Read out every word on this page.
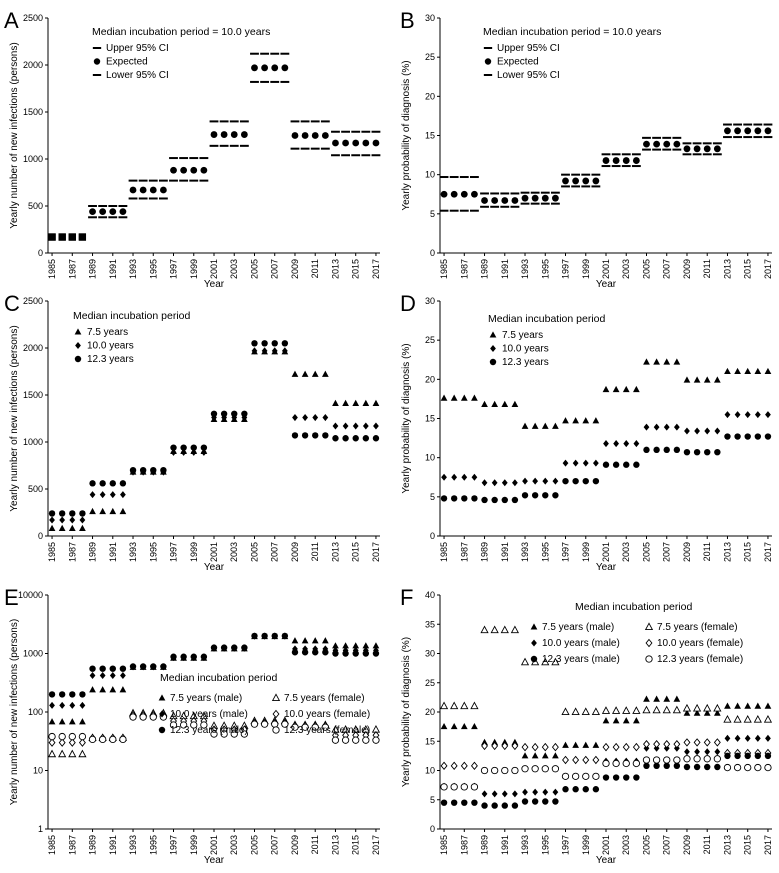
A
0
500
1000
1500
2000
2500
1985 1987 1989 1991 1993 1995 1997 1999 2001 2003 2005 2007 2009 2011 2013 2015 2017
Year
Yearly number of new infections (persons)
Median incubation period = 10.0 years
Upper 95% CI
Expected
Lower 95% CI
B
0
5
10
15
20
25
30
1985 1987 1989 1991 1993 1995 1997 1999 2001 2003 2005 2007 2009 2011 2013 2015 2017
Year
Yearly probability of diagnosis (%)
Median incubation period = 10.0 years
Upper 95% CI
Expected
Lower 95% CI
C
0
500
1000
1500
2000
2500
1985 1987 1989 1991 1993 1995 1997 1999 2001 2003 2005 2007 2009 2011 2013 2015 2017
Year
Yearly number of new infections (persons)
Median incubation period
7.5 years
10.0 years
12.3 years
D
0
5
10
15
20
25
30
1985 1987 1989 1991 1993 1995 1997 1999 2001 2003 2005 2007 2009 2011 2013 2015 2017
Year
Yearly probability of diagnosis (%)
Median incubation period
7.5 years
10.0 years
12.3 years
E
1
10
100
1000
10000
1985 1987 1989 1991 1993 1995 1997 1999 2001 2003 2005 2007 2009 2011 2013 2015 2017
Year
Yearly number of new infections (persons)	Median incubation period
7.5 years (male)	7.5 years (female)
10.0 years (male)	10.0 years (female)
12.3 years (male)	12.3 years (female)
F
0
5
10
15
20
25
30
35
40
1985 1987 1989 1991 1993 1995 1997 1999 2001 2003 2005 2007 2009 2011 2013 2015 2017
Year
Yearly probability of diagnosis (%)
Median incubation period
7.5 years (male)	7.5 years (female)
10.0 years (male)	10.0 years (female)
12.3 years (male)	12.3 years (female)
